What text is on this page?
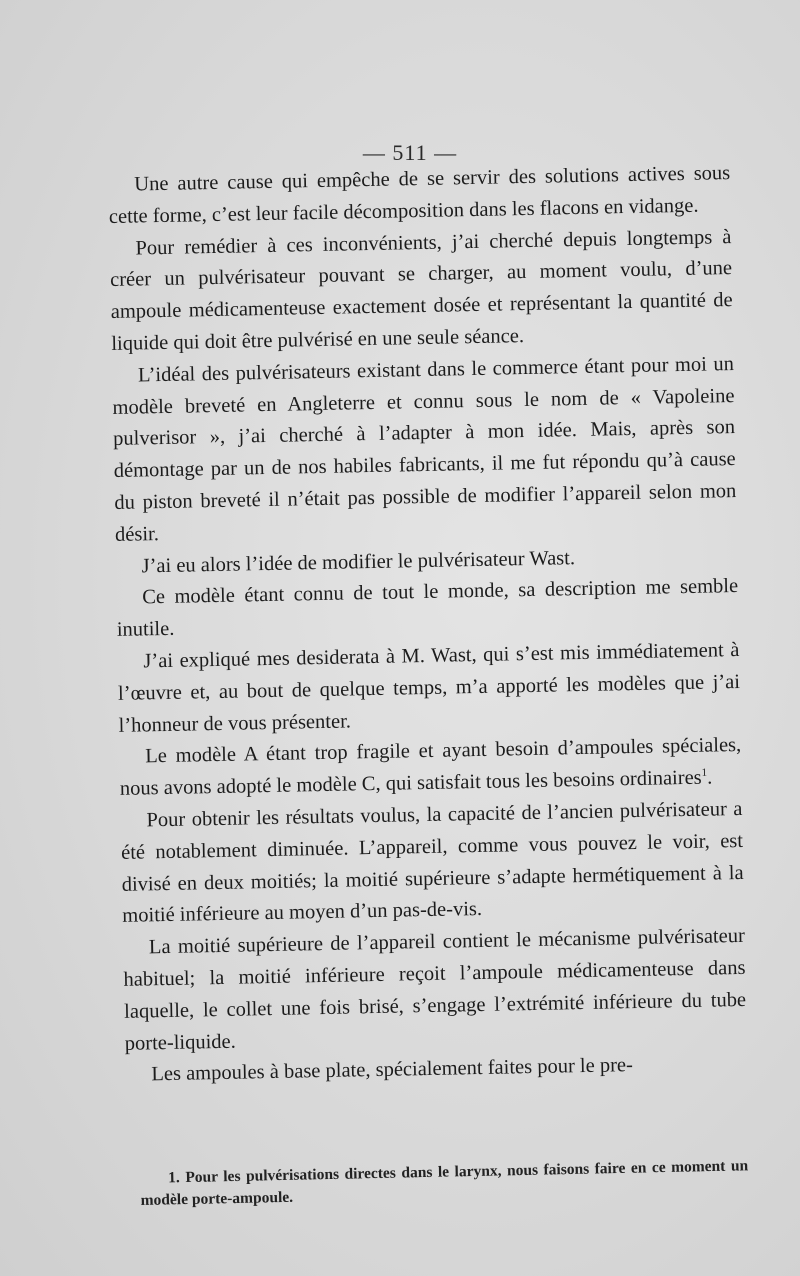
— 511 —

Une autre cause qui empêche de se servir des solutions actives sous cette forme, c’est leur facile décomposition dans les flacons en vidange.

Pour remédier à ces inconvénients, j’ai cherché depuis longtemps à créer un pulvérisateur pouvant se charger, au moment voulu, d’une ampoule médicamenteuse exactement dosée et représentant la quantité de liquide qui doit être pulvérisé en une seule séance.

L’idéal des pulvérisateurs existant dans le commerce étant pour moi un modèle breveté en Angleterre et connu sous le nom de « Vapoleine pulverisor », j’ai cherché à l’adapter à mon idée. Mais, après son démontage par un de nos habiles fabricants, il me fut répondu qu’à cause du piston breveté il n’était pas possible de modifier l’appareil selon mon désir.

J’ai eu alors l’idée de modifier le pulvérisateur Wast.

Ce modèle étant connu de tout le monde, sa description me semble inutile.

J’ai expliqué mes desiderata à M. Wast, qui s’est mis immédiatement à l’œuvre et, au bout de quelque temps, m’a apporté les modèles que j’ai l’honneur de vous présenter.

Le modèle A étant trop fragile et ayant besoin d’ampoules spéciales, nous avons adopté le modèle C, qui satisfait tous les besoins ordinaires$^1$.

Pour obtenir les résultats voulus, la capacité de l’ancien pulvérisateur a été notablement diminuée. L’appareil, comme vous pouvez le voir, est divisé en deux moitiés; la moitié supérieure s’adapte hermétiquement à la moitié inférieure au moyen d’un pas-de-vis.

La moitié supérieure de l’appareil contient le mécanisme pulvérisateur habituel; la moitié inférieure reçoit l’ampoule médicamenteuse dans laquelle, le collet une fois brisé, s’engage l’extrémité inférieure du tube porte-liquide.

Les ampoules à base plate, spécialement faites pour le pre-

1. Pour les pulvérisations directes dans le larynx, nous faisons faire en ce moment un modèle porte-ampoule.
